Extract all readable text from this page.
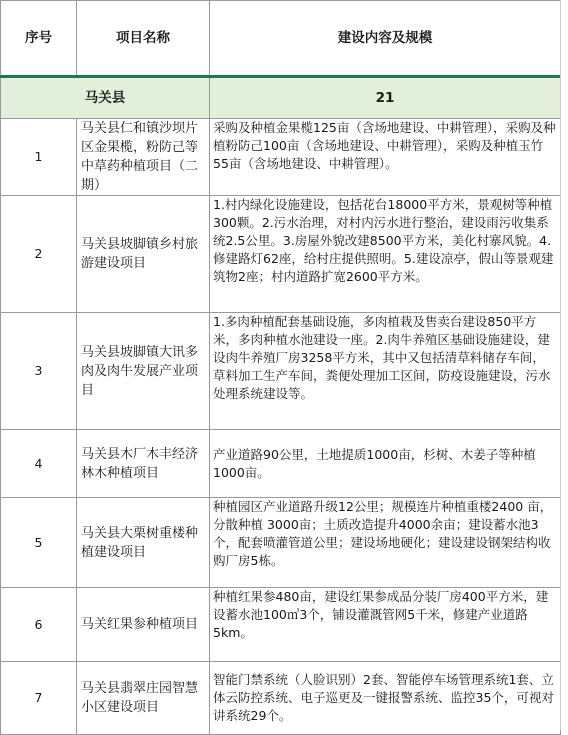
序号	项目名称	建设内容及规模
马关县		21
1	马关县仁和镇沙坝片区金果榄，粉防己等中草药种植项目（二期）	采购及种植金果榄125亩（含场地建设、中耕管理），采购及种植粉防己100亩（含场地建设、中耕管理），采购及种植玉竹55亩（含场地建设、中耕管理）。
2	马关县坡脚镇乡村旅游建设项目	1.村内绿化设施建设，包括花台18000平方米，景观树等种植300颗。2.污水治理，对村内污水进行整治，建设雨污收集系统2.5公里。3.房屋外貌改建8500平方米，美化村寨风貌。4.修建路灯62座，给村庄提供照明。5.建设凉亭，假山等景观建筑物2座；村内道路扩宽2600平方米。
3	马关县坡脚镇大讯多肉及肉牛发展产业项目	1.多肉种植配套基础设施，多肉植栽及售卖台建设850平方米，多肉种植水池建设一座。2.肉牛养殖区基础设施建设，建设肉牛养殖厂房3258平方米，其中又包括清草料储存车间，草料加工生产车间，粪便处理加工区间，防疫设施建设，污水处理系统建设等。
4	马关县木厂木丰经济林木种植项目	产业道路90公里，土地提质1000亩，杉树、木姜子等种植1000亩。
5	马关县大栗树重楼种植建设项目	种植园区产业道路升级12公里；规模连片种植重楼2400 亩，分散种植 3000亩；土质改造提升4000余亩；建设蓄水池3个，配套喷灌管道公里；建设场地硬化；建设建设钢架结构收购厂房5栋。
6	马关红果参种植项目	种植红果参480亩，建设红果参成品分装厂房400平方米，建设蓄水池100㎥3个，铺设灌溉管网5千米，修建产业道路5km。
7	马关县翡翠庄园智慧小区建设项目	智能门禁系统（人脸识别）2套、智能停车场管理系统1套、立体云防控系统、电子巡更及一键报警系统、监控35个，可视对讲系统29个。
